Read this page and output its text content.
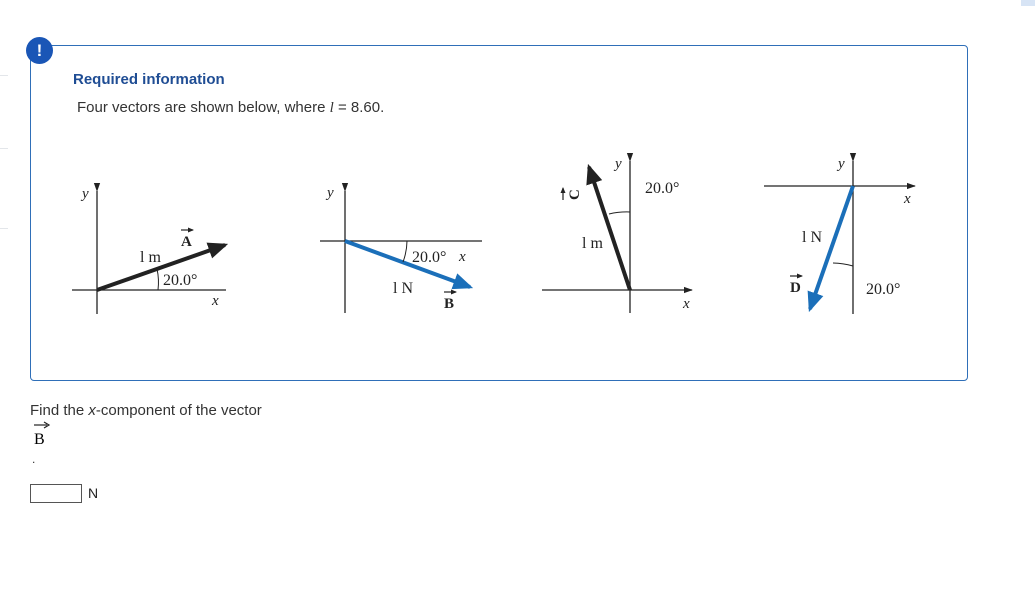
!
Required information
Four vectors are shown below, where l = 8.60.
y
x
l m
20.0°
A
y
x
20.0°
l N
B
y
x
20.0°
l m
C
y
x
l N
20.0°
D
Find the x-component of the vector
B
.
N
